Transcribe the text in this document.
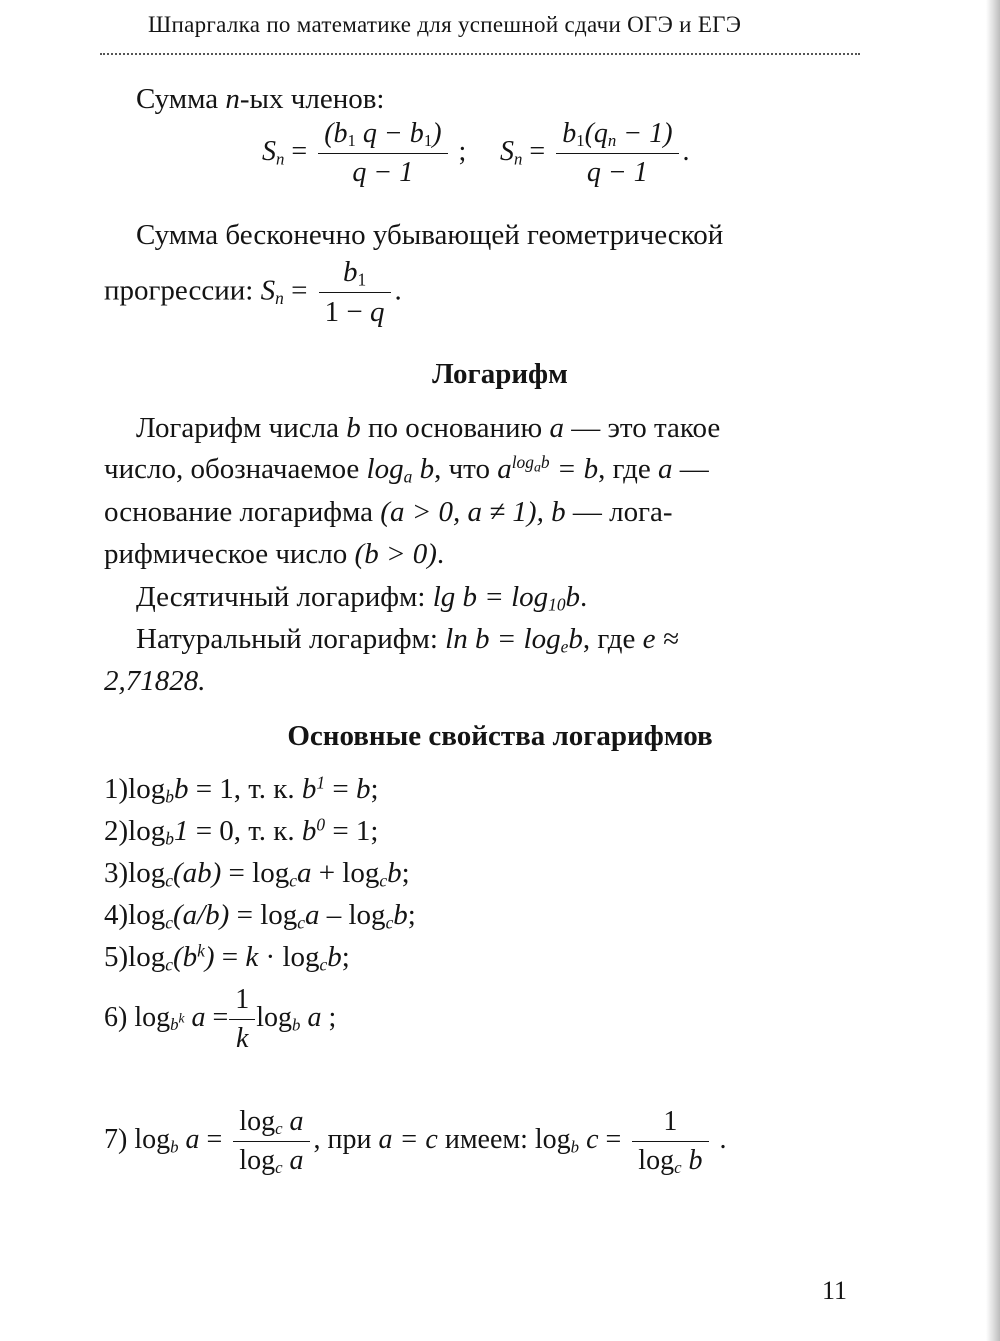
Шпаргалка по математике для успешной сдачи ОГЭ и ЕГЭ
Сумма n-ых членов:
$S_n = \frac{(b_1 q - b_1)}{q - 1}$ ; $S_n = \frac{b_1(q_n - 1)}{q - 1}$ .
Сумма бесконечно убывающей геометрической
прогрессии: $S_n = \frac{b_1}{1 - q}$ .
Логарифм
Логарифм числа b по основанию a — это такое
число, обозначаемое $\log_a b$, что $a^{log_ab} = b$, где a —
основание логарифма (a > 0, a ≠ 1), b — лога-
рифмическое число (b > 0).
Десятичный логарифм: $\lg b = \log_{10}b$.
Натуральный логарифм: $\ln b = \log_eb$, где e ≈
2,71828.
Основные свойства логарифмов
$1)\log_bb = 1$, т. к. $b^1 = b$;
$2)\log_b1 = 0$, т. к. $b^0 = 1$;
$3)\log_c(ab) = \log_ca + \log_cb$;
$4)\log_c(a/b) = \log_ca - \log_cb$;
$5)\log_c(b^k) = k \cdot \log_cb$;
6) $\log_{b^k} a = \frac{1}{k} \log_b a$ ;
7) $\log_b a = \frac{\log_c a}{\log_c a}$ , при a = c имеем: $\log_b c = \frac{1}{\log_c b}$ .
11
